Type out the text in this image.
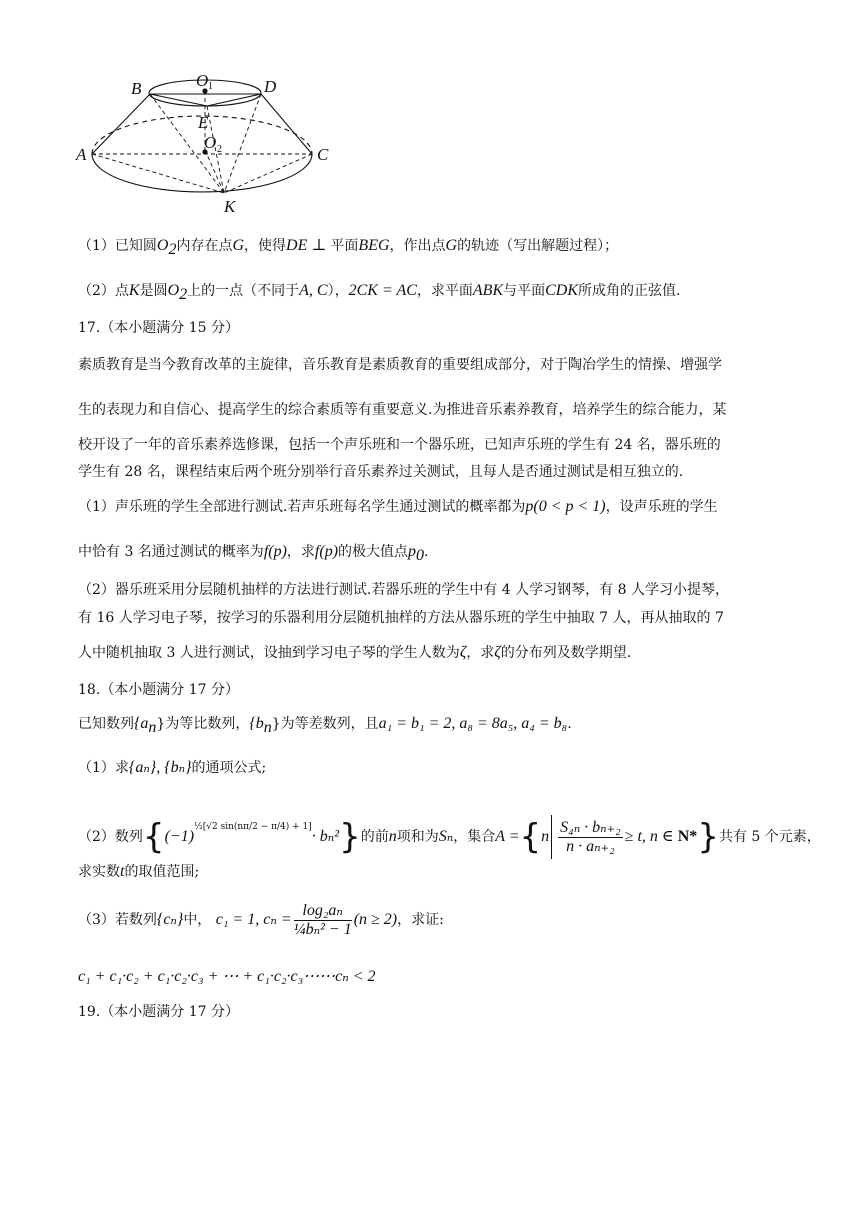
B	O 1	D
E
A
O 2	C
K
（1）已知圆$O_2$内存在点G，使得DE ⊥ 平面BEG，作出点G的轨迹（写出解题过程）；
（2）点K是圆$O_2$上的一点（不同于A, C），2CK = AC，求平面ABK与平面CDK所成角的正弦值.
17.（本小题满分 15 分）
素质教育是当今教育改革的主旋律，音乐教育是素质教育的重要组成部分，对于陶冶学生的情操、增强学
生的表现力和自信心、提高学生的综合素质等有重要意义.为推进音乐素养教育，培养学生的综合能力，某
校开设了一年的音乐素养选修课，包括一个声乐班和一个器乐班，已知声乐班的学生有 24 名，器乐班的
学生有 28 名，课程结束后两个班分别举行音乐素养过关测试，且每人是否通过测试是相互独立的.
（1）声乐班的学生全部进行测试.若声乐班每名学生通过测试的概率都为p(0 < p < 1)，设声乐班的学生
中恰有 3 名通过测试的概率为f(p)，求f(p)的极大值点$p_0$.
（2）器乐班采用分层随机抽样的方法进行测试.若器乐班的学生中有 4 人学习钢琴，有 8 人学习小提琴，
有 16 人学习电子琴，按学习的乐器利用分层随机抽样的方法从器乐班的学生中抽取 7 人，再从抽取的 7
人中随机抽取 3 人进行测试，设抽到学习电子琴的学生人数为ζ，求ζ的分布列及数学期望.
18.（本小题满分 17 分）
已知数列$\{a_n\}$为等比数列，$\{b_n\}$为等差数列，且a₁ = b₁ = 2, a₈ = 8a₅, a₄ = b₈.
（1）求{aₙ}, {bₙ}的通项公式;
（2）数列$\{(-1)^{\frac{1}{2}[√2 sin(n\pi/2 - \pi/4) + 1]}\cdot b_n^2\}$的前n项和为Sₙ，集合$A =\{n \frac{\text{S₄ₙ · bₙ₊₂}}{\text{n · aₙ₊₂}} \ge t$, n ∈ N*}共有 5 个元素，
求实数t的取值范围;
（3）若数列{cₙ}中， c₁ = 1, $c_n = \frac{\text{log₂aₙ}}{\text{¼bₙ² − 1}} (n \ge 2)$，求证:
c₁ + c₁·c₂ + c₁·c₂·c₃ + ⋯ + c₁·c₂·c₃⋯⋯cₙ < 2
19.（本小题满分 17 分）
